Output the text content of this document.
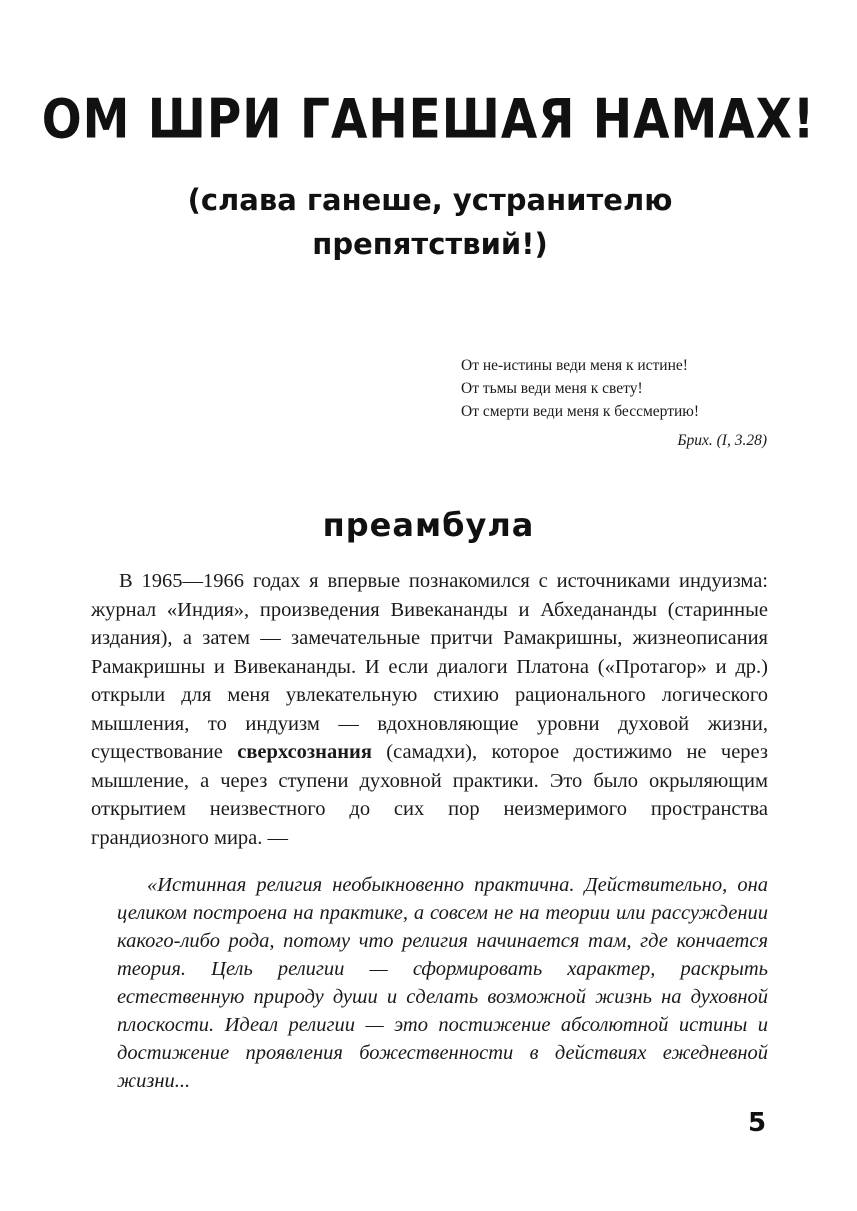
ОМ ШРИ ГАНЕШАЯ НАМАХ!
(слава ганеше, устранителю препятствий!)
От не-истины веди меня к истине!
От тьмы веди меня к свету!
От смерти веди меня к бессмертию!
Брих. (I, 3.28)
преамбула

В 1965—1966 годах я впервые познакомился с источниками индуизма: журнал «Индия», произведения Вивекананды и Абхедананды (старинные издания), а затем — замечательные притчи Рамакришны, жизнеописания Рамакришны и Вивекананды. И если диалоги Платона («Протагор» и др.) открыли для меня увлекательную стихию рационального логического мышления, то индуизм — вдохновляющие уровни духовой жизни, существование сверхсознания (самадхи), которое достижимо не через мышление, а через ступени духовной практики. Это было окрыляющим открытием неизвестного до сих пор неизмеримого пространства грандиозного мира. —

«Истинная религия необыкновенно практична. Действительно, она целиком построена на практике, а совсем не на теории или рассуждении какого-либо рода, потому что религия начинается там, где кончается теория. Цель религии — сформировать характер, раскрыть естественную природу души и сделать возможной жизнь на духовной плоскости. Идеал религии — это постижение абсолютной истины и достижение проявления божественности в действиях ежедневной жизни...

5
